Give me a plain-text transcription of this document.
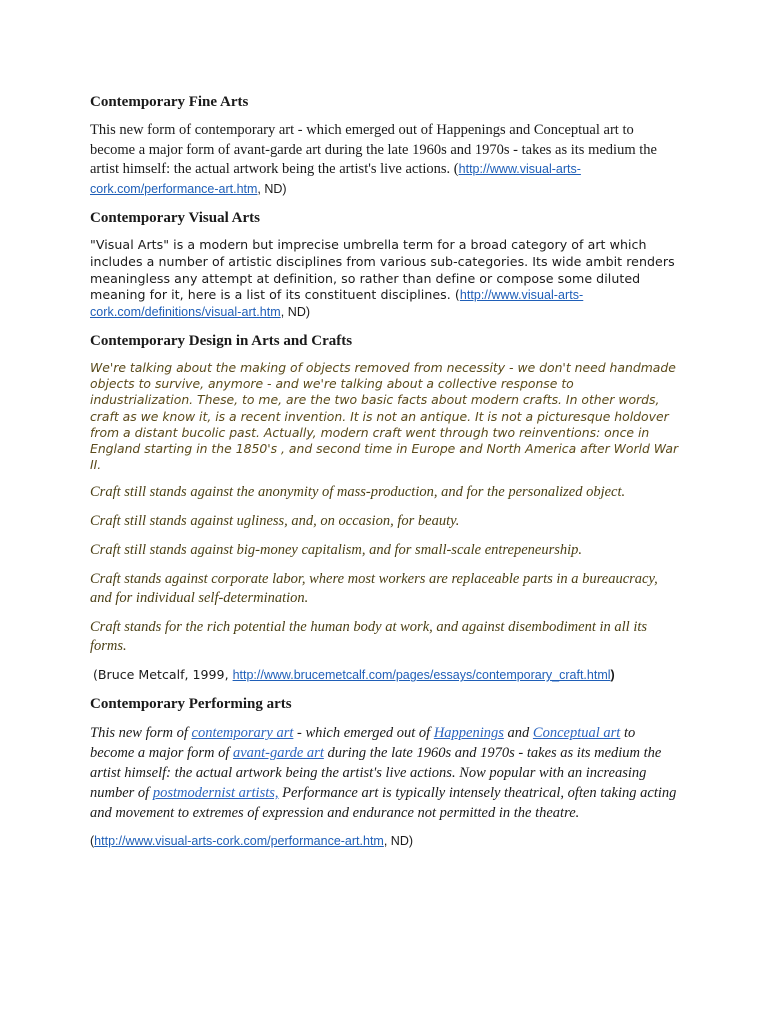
Contemporary Fine Arts

This new form of contemporary art - which emerged out of Happenings and Conceptual art to become a major form of avant-garde art during the late 1960s and 1970s - takes as its medium the artist himself: the actual artwork being the artist's live actions. (http://www.visual-arts-cork.com/performance-art.htm, ND)

Contemporary Visual Arts

"Visual Arts" is a modern but imprecise umbrella term for a broad category of art which includes a number of artistic disciplines from various sub-categories. Its wide ambit renders meaningless any attempt at definition, so rather than define or compose some diluted meaning for it, here is a list of its constituent disciplines. (http://www.visual-arts-cork.com/definitions/visual-art.htm, ND)

Contemporary Design in Arts and Crafts

We're talking about the making of objects removed from necessity - we don't need handmade objects to survive, anymore - and we're talking about a collective response to industrialization. These, to me, are the two basic facts about modern crafts. In other words, craft as we know it, is a recent invention. It is not an antique. It is not a picturesque holdover from a distant bucolic past. Actually, modern craft went through two reinventions: once in England starting in the 1850's , and second time in Europe and North America after World War II.

Craft still stands against the anonymity of mass-production, and for the personalized object.

Craft still stands against ugliness, and, on occasion, for beauty.

Craft still stands against big-money capitalism, and for small-scale entrepeneurship.

Craft stands against corporate labor, where most workers are replaceable parts in a bureaucracy, and for individual self-determination.

Craft stands for the rich potential the human body at work, and against disembodiment in all its forms.

(Bruce Metcalf, 1999, http://www.brucemetcalf.com/pages/essays/contemporary_craft.html)

Contemporary Performing arts

This new form of contemporary art - which emerged out of Happenings and Conceptual art to become a major form of avant-garde art during the late 1960s and 1970s - takes as its medium the artist himself: the actual artwork being the artist's live actions. Now popular with an increasing number of postmodernist artists, Performance art is typically intensely theatrical, often taking acting and movement to extremes of expression and endurance not permitted in the theatre.

(http://www.visual-arts-cork.com/performance-art.htm, ND)
